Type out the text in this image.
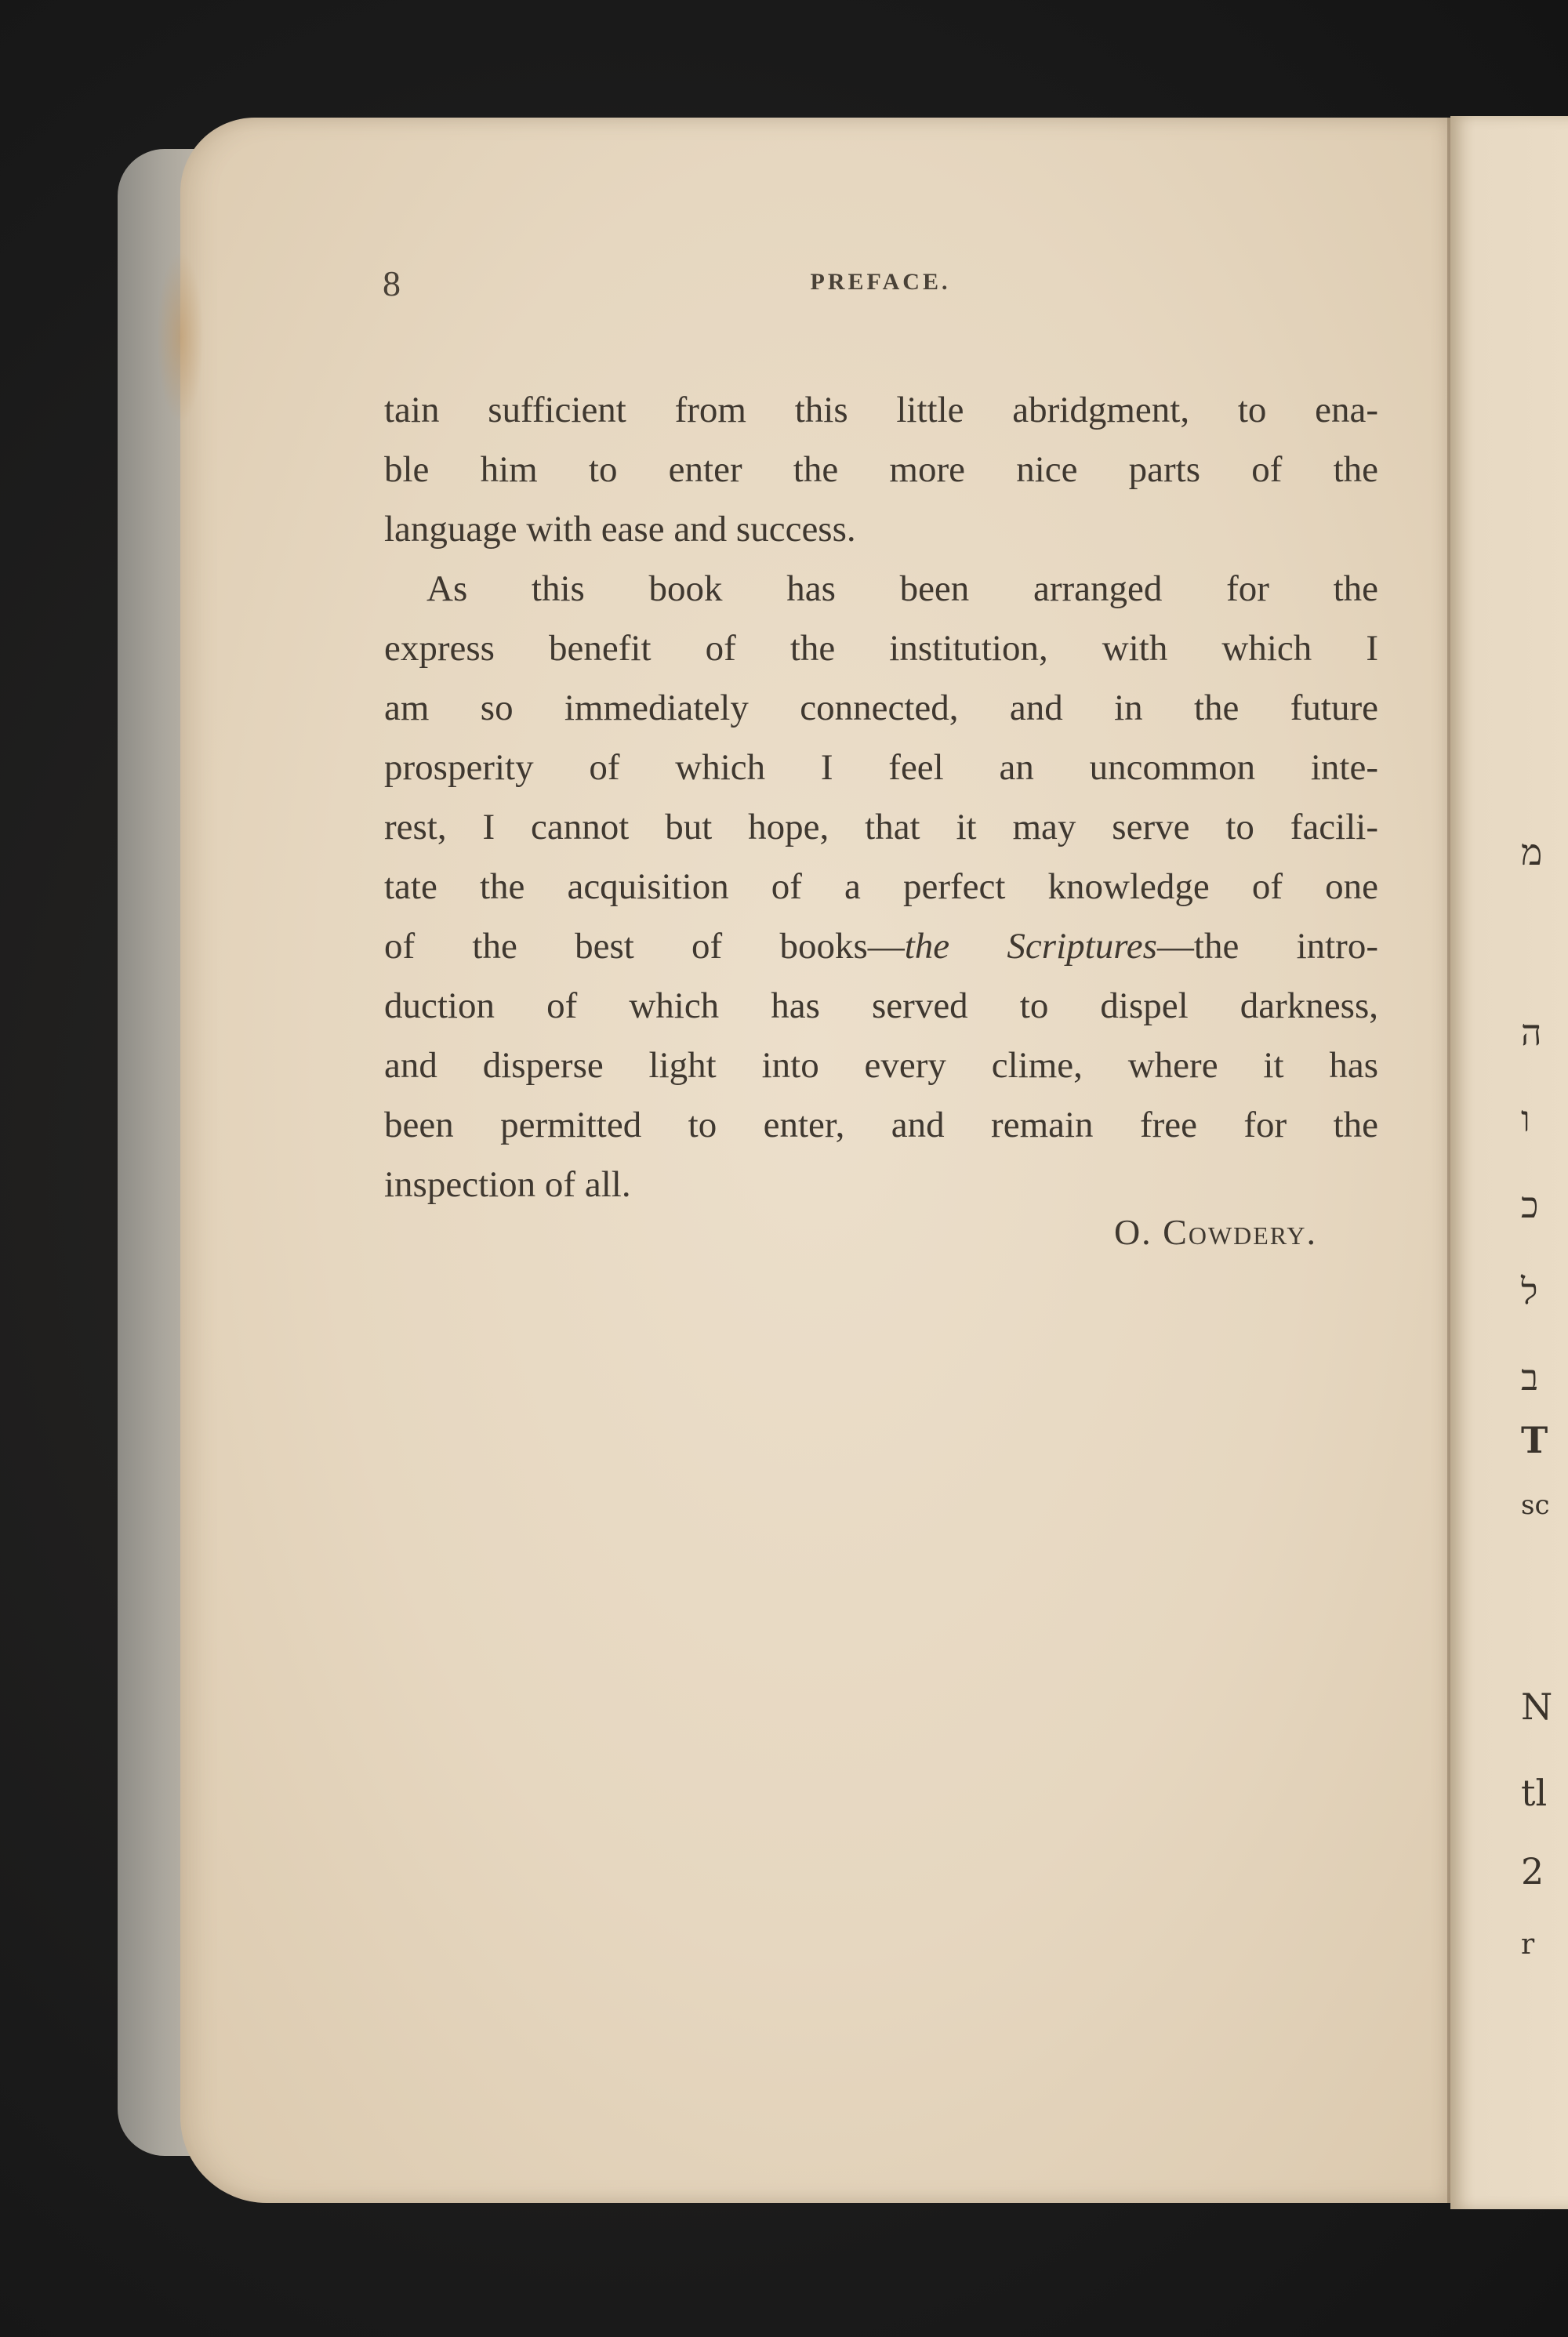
8	PREFACE.
tain sufficient from this little abridgment, to ena-
ble him to enter the more nice parts of the
language with ease and success.
As this book has been arranged for the
express benefit of the institution, with which I
am so immediately connected, and in the future
prosperity of which I feel an uncommon inte-
rest, I cannot but hope, that it may serve to facili-
tate the acquisition of a perfect knowledge of one
of the best of books—the Scriptures—the intro-
duction of which has served to dispel darkness,
and disperse light into every clime, where it has
been permitted to enter, and remain free for the
inspection of all.
O. Cowdery.
מ
ה
ו
כ
ל
ב
T
sc
N
tl
2
r
